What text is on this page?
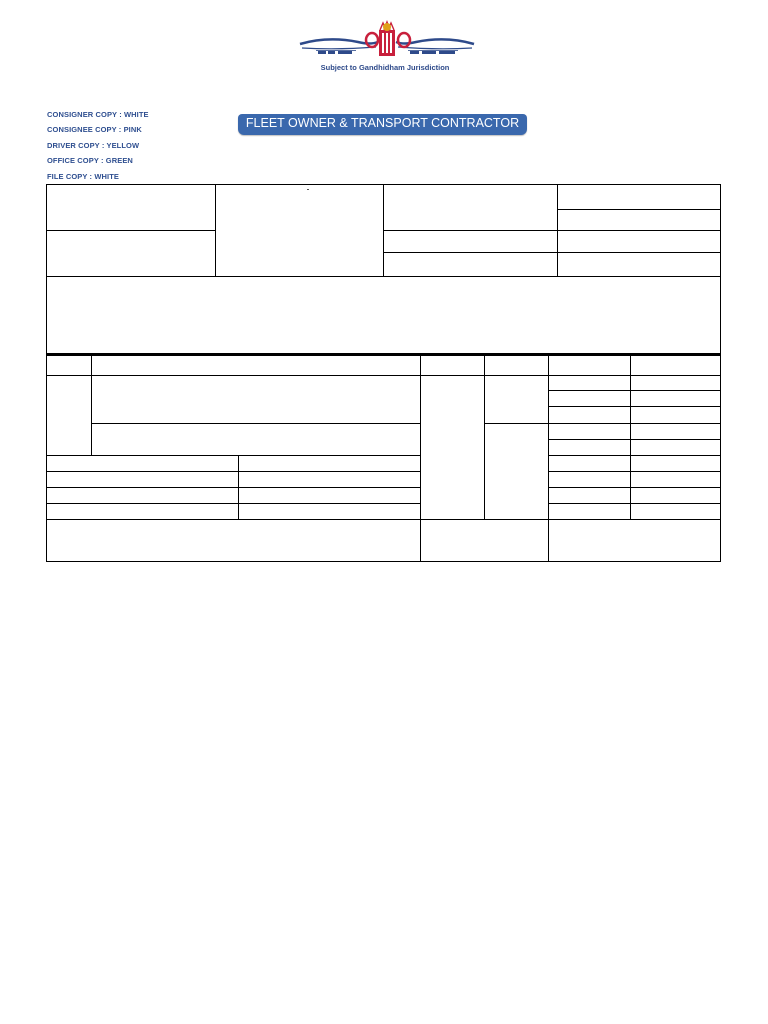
Subject to Gandhidham Jurisdiction
CONSIGNER COPY : WHITE
CONSIGNEE COPY : PINK
DRIVER COPY : YELLOW
OFFICE COPY : GREEN
FILE COPY : WHITE
FLEET OWNER & TRANSPORT CONTRACTOR
